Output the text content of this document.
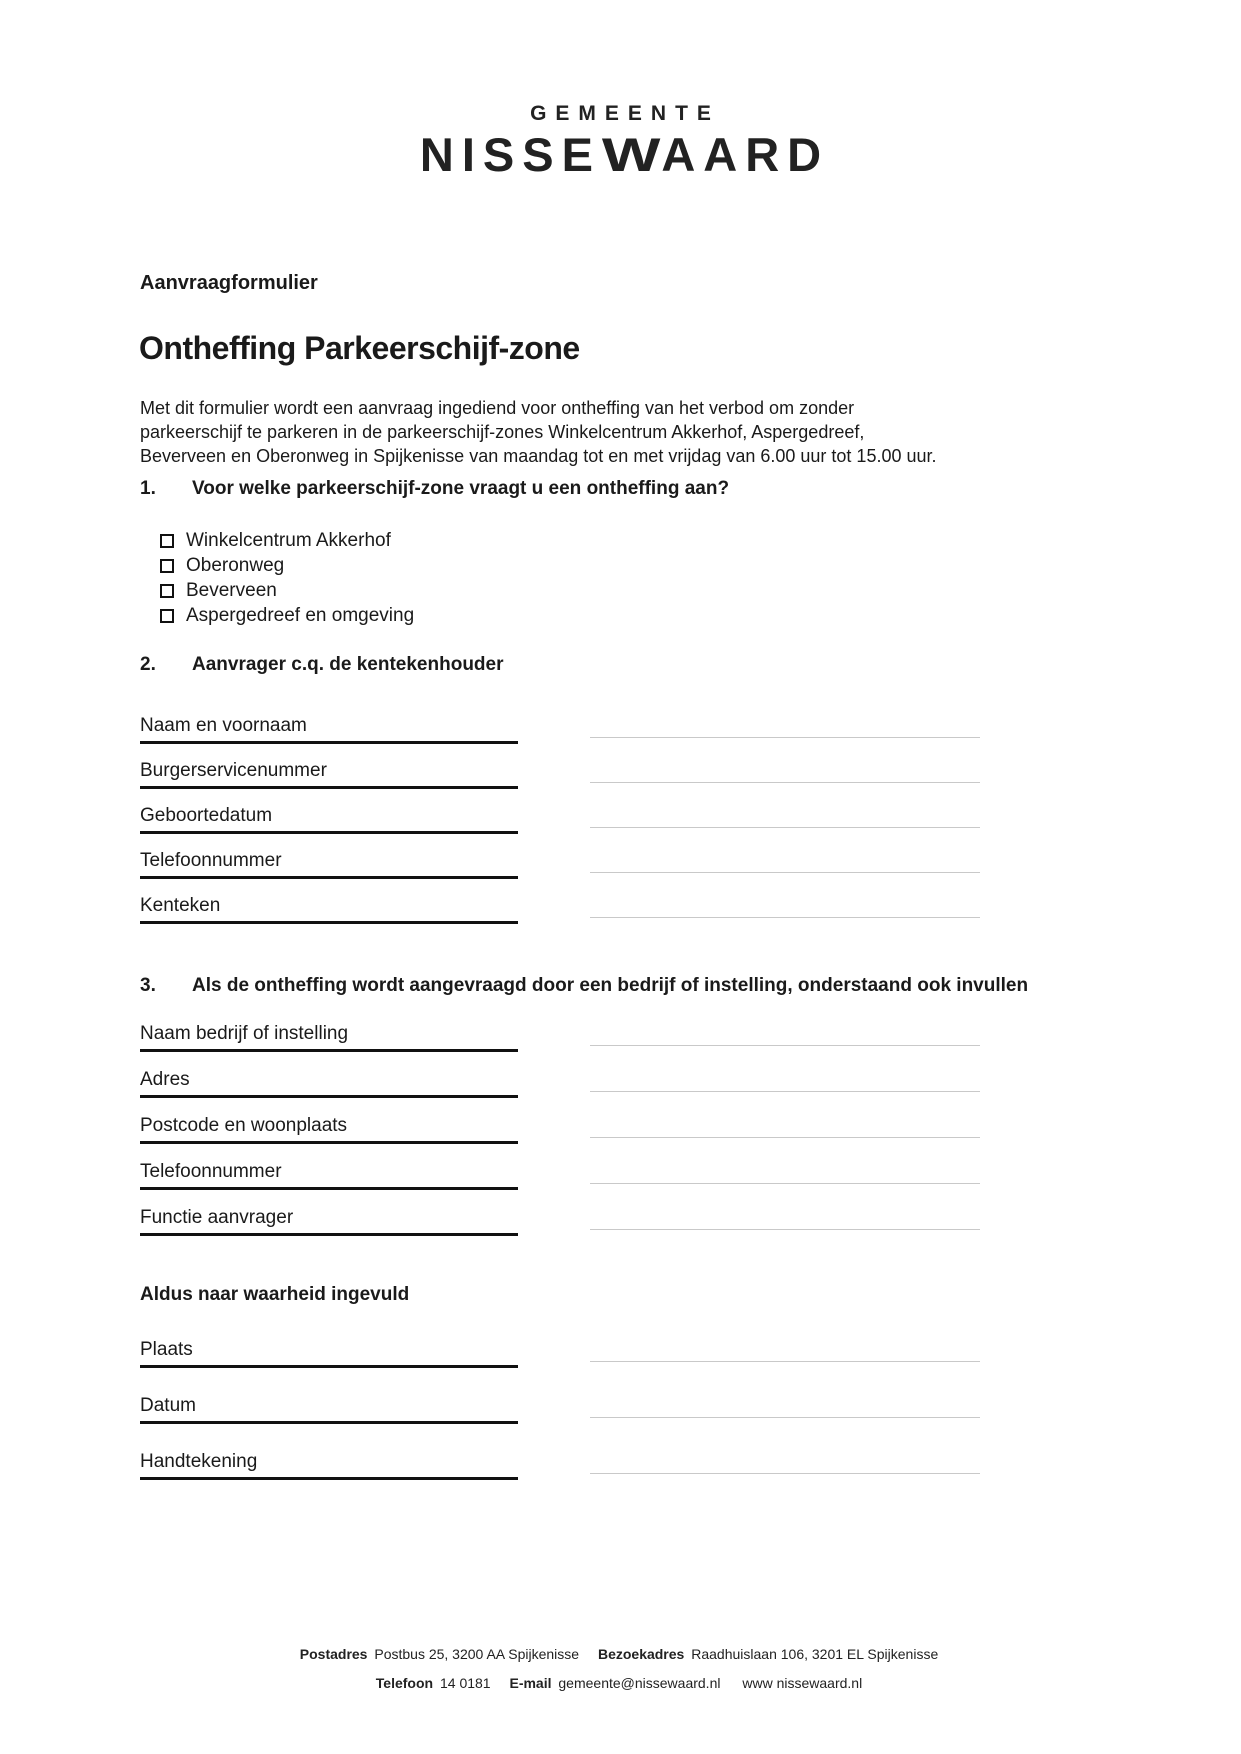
GEMEENTE
NISSEWAARD
Aanvraagformulier
Ontheffing Parkeerschijf-zone
Met dit formulier wordt een aanvraag ingediend voor ontheffing van het verbod om zonder
parkeerschijf te parkeren in de parkeerschijf-zones Winkelcentrum Akkerhof, Aspergedreef,
Beverveen en Oberonweg in Spijkenisse van maandag tot en met vrijdag van 6.00 uur tot 15.00 uur.
1.	Voor welke parkeerschijf-zone vraagt u een ontheffing aan?
Winkelcentrum Akkerhof
Oberonweg
Beverveen
Aspergedreef en omgeving
2.	Aanvrager c.q. de kentekenhouder
Naam en voornaam
Burgerservicenummer
Geboortedatum
Telefoonnummer
Kenteken
3.	Als de ontheffing wordt aangevraagd door een bedrijf of instelling, onderstaand ook invullen
Naam bedrijf of instelling
Adres
Postcode en woonplaats
Telefoonnummer
Functie aanvrager
Aldus naar waarheid ingevuld
Plaats
Datum
Handtekening
Postadres Postbus 25, 3200 AA Spijkenisse Bezoekadres Raadhuislaan 106, 3201 EL Spijkenisse
Telefoon 14 0181 E-mail gemeente@nissewaard.nl www nissewaard.nl
